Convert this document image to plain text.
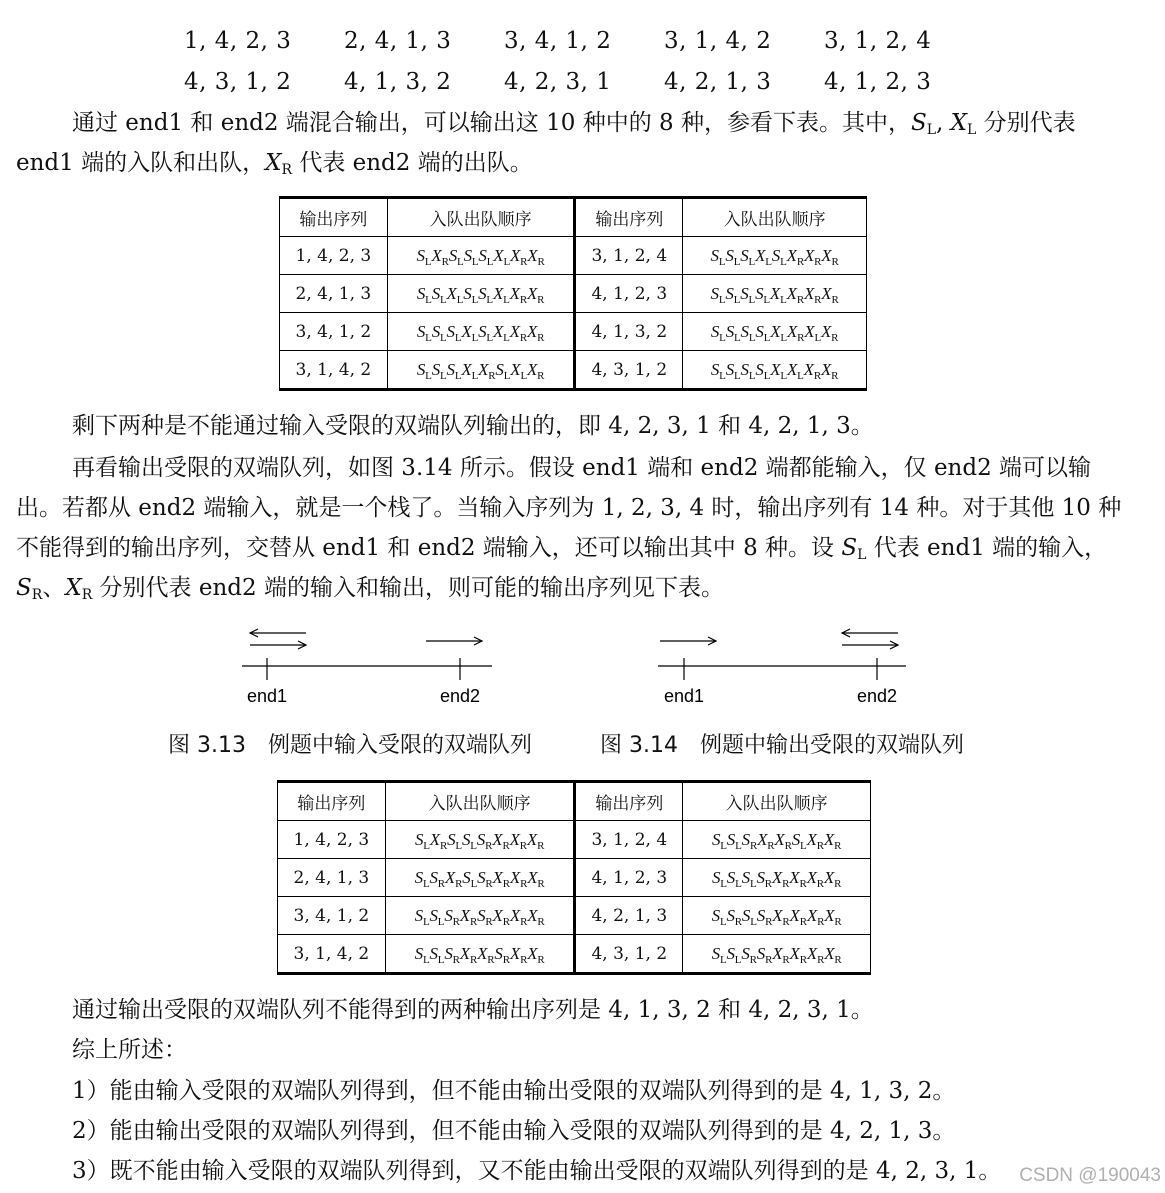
1, 4, 2, 3 2, 4, 1, 3 3, 4, 1, 2 3, 1, 4, 2 3, 1, 2, 4
4, 3, 1, 2 4, 1, 3, 2 4, 2, 3, 1 4, 2, 1, 3 4, 1, 2, 3
通过 end1 和 end2 端混合输出，可以输出这 10 种中的 8 种，参看下表。其中，$S_L$, $X_L$ 分别代表 end1 端的入队和出队，$X_R$ 代表 end2 端的出队。
输出序列	入队出队顺序	输出序列	入队出队顺序
1, 4, 2, 3	$S_LX_RS_LS_LS_LX_LX_RX_R$	3, 1, 2, 4	$S_LS_LS_LX_LS_LX_RX_RX_R$
2, 4, 1, 3	$S_LS_LX_LS_LS_LX_LX_RX_R$	4, 1, 2, 3	$S_LS_LS_LS_LX_LX_RX_RX_R$
3, 4, 1, 2	$S_LS_LS_LX_LS_LX_LX_RX_R$	4, 1, 3, 2	$S_LS_LS_LS_LX_LX_RX_LX_R$
3, 1, 4, 2	$S_LS_LS_LX_LX_RS_LX_LX_R$	4, 3, 1, 2	$S_LS_LS_LS_LX_LX_LX_RX_R$
剩下两种是不能通过输入受限的双端队列输出的，即 4, 2, 3, 1 和 4, 2, 1, 3。
再看输出受限的双端队列，如图 3.14 所示。假设 end1 端和 end2 端都能输入，仅 end2 端可以输出。若都从 end2 端输入，就是一个栈了。当输入序列为 1, 2, 3, 4 时，输出序列有 14 种。对于其他 10 种不能得到的输出序列，交替从 end1 和 end2 端输入，还可以输出其中 8 种。设 $S_L$ 代表 end1 端的输入，$S_R$、$X_R$ 分别代表 end2 端的输入和输出，则可能的输出序列见下表。
end1	end2	end1	end2
图 3.13　例题中输入受限的双端队列	图 3.14　例题中输出受限的双端队列
输出序列	入队出队顺序	输出序列	入队出队顺序
1, 4, 2, 3	$S_LX_RS_LS_LS_RX_RX_RX_R$	3, 1, 2, 4	$S_LS_LS_RX_RX_RS_LX_RX_R$
2, 4, 1, 3	$S_LS_RX_RS_LS_RX_RX_RX_R$	4, 1, 2, 3	$S_LS_LS_LS_RX_RX_RX_RX_R$
3, 4, 1, 2	$S_LS_LS_RX_RS_RX_RX_RX_R$	4, 2, 1, 3	$S_LS_RS_LS_RX_RX_RX_RX_R$
3, 1, 4, 2	$S_LS_LS_RX_RX_RS_RX_RX_R$	4, 3, 1, 2	$S_LS_LS_RS_RX_RX_RX_RX_R$
通过输出受限的双端队列不能得到的两种输出序列是 4, 1, 3, 2 和 4, 2, 3, 1。
综上所述：
1）能由输入受限的双端队列得到，但不能由输出受限的双端队列得到的是 4, 1, 3, 2。
2）能由输出受限的双端队列得到，但不能由输入受限的双端队列得到的是 4, 2, 1, 3。
3）既不能由输入受限的双端队列得到，又不能由输出受限的双端队列得到的是 4, 2, 3, 1。 CSDN @190043
